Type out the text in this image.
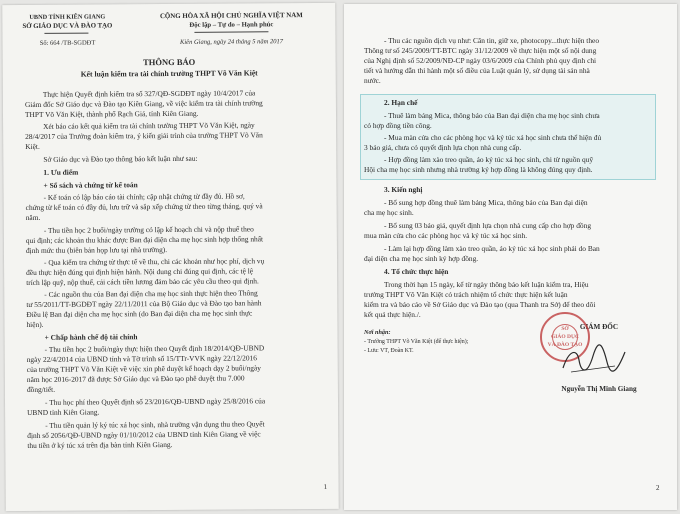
UBND TỈNH KIÊN GIANG
SỞ GIÁO DỤC VÀ ĐÀO TẠO
Số: 664 /TB-SGDĐT
CỘNG HÒA XÃ HỘI CHỦ NGHĨA VIỆT NAM
Độc lập – Tự do – Hạnh phúc
Kiên Giang, ngày 24 tháng 5 năm 2017
THÔNG BÁO
Kết luận kiểm tra tài chính trường THPT Võ Văn Kiệt
Thực hiện Quyết định kiểm tra số 327/QĐ-SGDĐT ngày 10/4/2017 của
Giám đốc Sở Giáo dục và Đào tạo Kiên Giang, về việc kiểm tra tài chính trường
THPT Võ Văn Kiệt, thành phố Rạch Giá, tỉnh Kiên Giang.
Xét báo cáo kết quả kiểm tra tài chính trường THPT Võ Văn Kiệt, ngày
28/4/2017 của Trưởng đoàn kiểm tra, ý kiến giải trình của trường THPT Võ Văn
Kiệt.
Sở Giáo dục và Đào tạo thông báo kết luận như sau:
1. Ưu điểm
+ Sổ sách và chứng từ kế toán
- Kế toán có lập báo cáo tài chính; cập nhật chứng từ đầy đủ. Hồ sơ,
chứng từ kế toán có đầy đủ, lưu trữ và sắp xếp chứng từ theo từng tháng, quý và
năm.
- Thu tiền học 2 buổi/ngày trường có lập kế hoạch chi và nộp thuế theo
qui định; các khoản thu khác được Ban đại diện cha mẹ học sinh hợp thống nhất
định mức thu (biên bản họp lưu tại nhà trường).
- Qua kiểm tra chứng từ thực tế về thu, chi các khoản như học phí, dịch vụ
đều thực hiện đúng qui định hiện hành. Nội dung chi đúng qui định, các tệ lệ
trích lập quỹ, nộp thuế, cải cách tiền lương đảm bảo các yêu cầu theo qui định.
- Các nguồn thu của Ban đại diện cha mẹ học sinh thực hiện theo Thông
tư 55/2011/TT-BGDĐT ngày 22/11/2011 của Bộ Giáo dục và Đào tạo ban hành
Điều lệ Ban đại diện cha mẹ học sinh (do Ban đại diện cha mẹ học sinh thực
hiện).
+ Chấp hành chế độ tài chính
- Thu tiền học 2 buổi/ngày thực hiện theo Quyết định 18/2014/QĐ-UBND
ngày 22/4/2014 của UBND tỉnh và Tờ trình số 15/TTr-VVK ngày 22/12/2016
của trường THPT Võ Văn Kiệt về việc xin phê duyệt kế hoạch dạy 2 buổi/ngày
năm học 2016-2017 đã được Sở Giáo dục và Đào tạo phê duyệt thu 7.000
đồng/tiết.
- Thu học phí theo Quyết định số 23/2016/QĐ-UBND ngày 25/8/2016 của
UBND tỉnh Kiên Giang.
- Thu tiền quản lý ký túc xá học sinh, nhà trường vận dụng thu theo Quyết
định số 2056/QĐ-UBND ngày 01/10/2012 của UBND tỉnh Kiên Giang về việc
thu tiền ở ký túc xá trên địa bàn tỉnh Kiên Giang.
1
- Thu các nguồn dịch vụ như: Căn tin, giữ xe, photocopy...thực hiện theo
Thông tư số 245/2009/TT-BTC ngày 31/12/2009 về thực hiện một số nội dung
của Nghị định số 52/2009/NĐ-CP ngày 03/6/2009 của Chính phủ quy định chi
tiết và hướng dẫn thi hành một số điều của Luật quản lý, sử dụng tài sản nhà
nước.
2. Hạn chế
- Thuê làm bảng Mica, thông báo của Ban đại diện cha mẹ học sinh chưa
có hợp đồng tiền công.
- Mua màn cửa cho các phòng học và ký túc xá học sinh chưa thể hiện đủ
3 báo giá, chưa có quyết định lựa chọn nhà cung cấp.
- Hợp đồng làm xào treo quần, áo ký túc xá học sinh, chi từ nguồn quỹ
Hội cha mẹ học sinh nhưng nhà trường ký hợp đồng là không đúng quy định.
3. Kiến nghị
- Bổ sung hợp đồng thuê làm bảng Mica, thông báo của Ban đại diện
cha mẹ học sinh.
- Bổ sung 03 báo giá, quyết định lựa chọn nhà cung cấp cho hợp đồng
mua màn cửa cho các phòng học và ký túc xá học sinh.
- Làm lại hợp đồng làm xào treo quần, áo ký túc xá học sinh phải do Ban
đại diện cha mẹ học sinh ký hợp đồng.
4. Tổ chức thực hiện
Trong thời hạn 15 ngày, kể từ ngày thông báo kết luận kiểm tra, Hiệu
trưởng THPT Võ Văn Kiệt có trách nhiệm tổ chức thực hiện kết luận
kiểm tra và báo cáo về Sở Giáo dục và Đào tạo (qua Thanh tra Sở) để theo dõi
kết quả thực hiện./.
Nơi nhận:
- Trường THPT Võ Văn Kiệt (để thực hiện);
- Lưu: VT, Đoàn KT.
GIÁM ĐỐC
SỞ
GIÁO DỤC
VÀ ĐÀO TẠO
Nguyễn Thị Minh Giang
2
